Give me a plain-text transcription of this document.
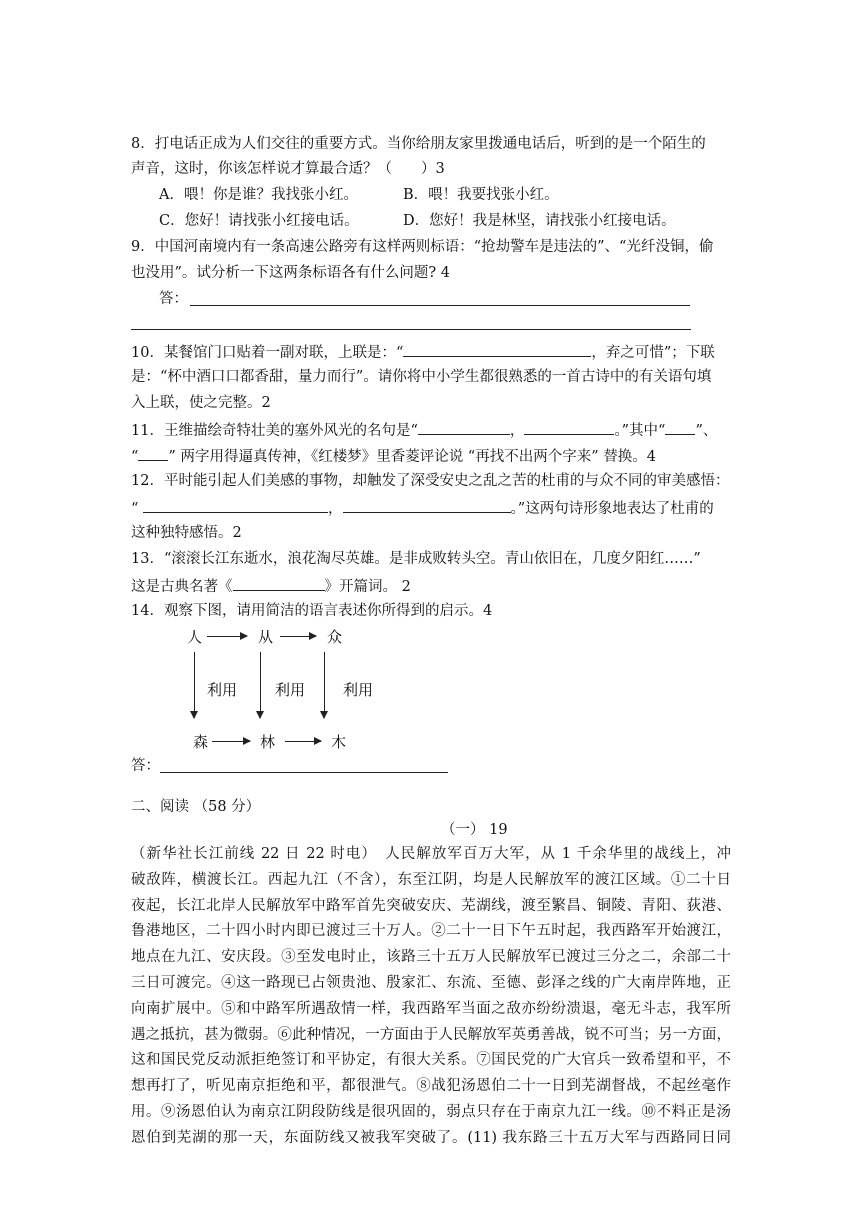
8．打电话正成为人们交往的重要方式。当你给朋友家里拨通电话后，听到的是一个陌生的
声音，这时，你该怎样说才算最合适？（　　）3
A．喂！你是谁？我找张小红。	B．喂！我要找张小红。
C．您好！请找张小红接电话。	D．您好！我是林坚，请找张小红接电话。
9．中国河南境内有一条高速公路旁有这样两则标语：“抢劫警车是违法的”、“光纤没铜，偷
也没用”。试分析一下这两条标语各有什么问题? 4
答：
10．某餐馆门口贴着一副对联，上联是：“	，弃之可惜”；下联
是：“杯中酒口口都香甜，量力而行”。请你将中小学生都很熟悉的一首古诗中的有关语句填
入上联，使之完整。2
11．王维描绘奇特壮美的塞外风光的名句是“	，	。”其中“ ”、
“ ” 两字用得逼真传神，《红楼梦》里香菱评论说 “再找不出两个字来” 替换。4
12．平时能引起人们美感的事物，却触发了深受安史之乱之苦的杜甫的与众不同的审美感悟：
“	，	。”这两句诗形象地表达了杜甫的
这种独特感悟。2
13．“滚滚长江东逝水，浪花淘尽英雄。是非成败转头空。青山依旧在，几度夕阳红……”
这是古典名著《	》开篇词。 2
14．观察下图，请用简洁的语言表述你所得到的启示。4
人	从	众
利用	利用	利用
森	林	木
答：
二、阅读 （58 分）
（一） 19
（新华社长江前线 22 日 22 时电）　人民解放军百万大军，从 1 千余华里的战线上，冲
破敌阵，横渡长江。西起九江（不含），东至江阴，均是人民解放军的渡江区域。①二十日
夜起，长江北岸人民解放军中路军首先突破安庆、芜湖线，渡至繁昌、铜陵、青阳、荻港、
鲁港地区，二十四小时内即已渡过三十万人。②二十一日下午五时起，我西路军开始渡江，
地点在九江、安庆段。③至发电时止，该路三十五万人民解放军已渡过三分之二，余部二十
三日可渡完。④这一路现已占领贵池、殷家汇、东流、至德、彭泽之线的广大南岸阵地，正
向南扩展中。⑤和中路军所遇敌情一样，我西路军当面之敌亦纷纷溃退，毫无斗志，我军所
遇之抵抗，甚为微弱。⑥此种情况，一方面由于人民解放军英勇善战，锐不可当；另一方面，
这和国民党反动派拒绝签订和平协定，有很大关系。⑦国民党的广大官兵一致希望和平，不
想再打了，听见南京拒绝和平，都很泄气。⑧战犯汤恩伯二十一日到芜湖督战，不起丝毫作
用。⑨汤恩伯认为南京江阴段防线是很巩固的，弱点只存在于南京九江一线。⑩不料正是汤
恩伯到芜湖的那一天，东面防线又被我军突破了。(11) 我东路三十五万大军与西路同日同
